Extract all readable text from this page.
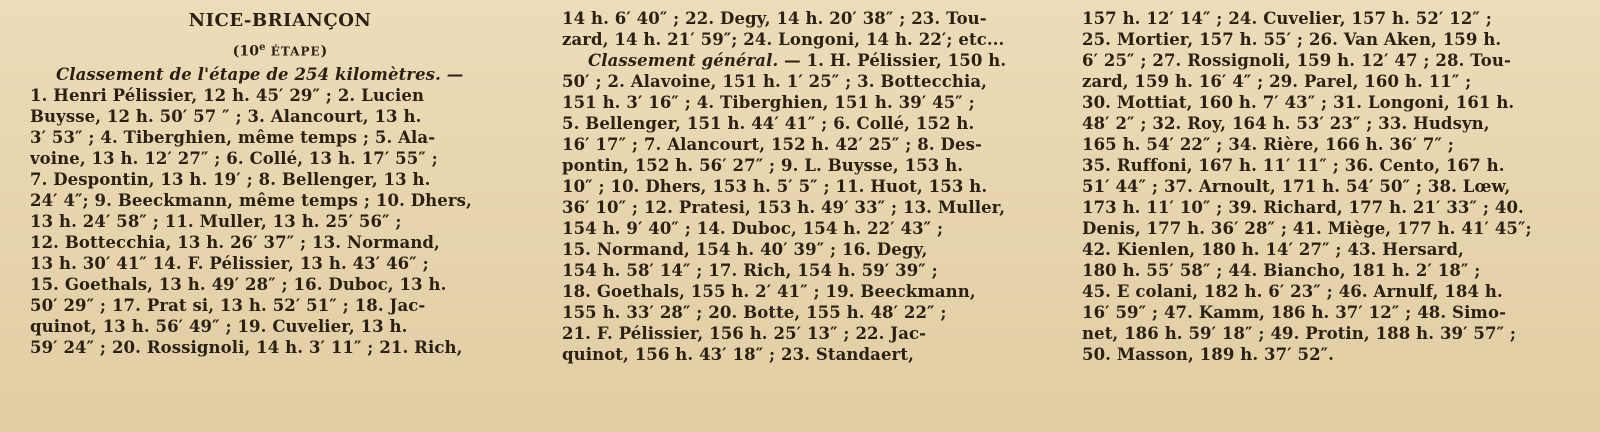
NICE-BRIANÇON
(10e ÉTAPE)
Classement de l'étape de 254 kilomètres. —
1. Henri Pélissier, 12 h. 45′ 29″ ; 2. Lucien
Buysse, 12 h. 50′ 57 ″ ; 3. Alancourt, 13 h.
3′ 53″ ; 4. Tiberghien, même temps ; 5. Ala-
voine, 13 h. 12′ 27″ ; 6. Collé, 13 h. 17′ 55″ ;
7. Despontin, 13 h. 19′ ; 8. Bellenger, 13 h.
24′ 4″; 9. Beeckmann, même temps ; 10. Dhers,
13 h. 24′ 58″ ; 11. Muller, 13 h. 25′ 56″ ;
12. Bottecchia, 13 h. 26′ 37″ ; 13. Normand,
13 h. 30′ 41″ 14. F. Pélissier, 13 h. 43′ 46″ ;
15. Goethals, 13 h. 49′ 28″ ; 16. Duboc, 13 h.
50′ 29″ ; 17. Prat si, 13 h. 52′ 51″ ; 18. Jac-
quinot, 13 h. 56′ 49″ ; 19. Cuvelier, 13 h.
59′ 24″ ; 20. Rossignoli, 14 h. 3′ 11″ ; 21. Rich,
14 h. 6′ 40″ ; 22. Degy, 14 h. 20′ 38″ ; 23. Tou-
zard, 14 h. 21′ 59″; 24. Longoni, 14 h. 22′; etc...
Classement général. — 1. H. Pélissier, 150 h.
50′ ; 2. Alavoine, 151 h. 1′ 25″ ; 3. Bottecchia,
151 h. 3′ 16″ ; 4. Tiberghien, 151 h. 39′ 45″ ;
5. Bellenger, 151 h. 44′ 41″ ; 6. Collé, 152 h.
16′ 17″ ; 7. Alancourt, 152 h. 42′ 25″ ; 8. Des-
pontin, 152 h. 56′ 27″ ; 9. L. Buysse, 153 h.
10″ ; 10. Dhers, 153 h. 5′ 5″ ; 11. Huot, 153 h.
36′ 10″ ; 12. Pratesi, 153 h. 49′ 33″ ; 13. Muller,
154 h. 9′ 40″ ; 14. Duboc, 154 h. 22′ 43″ ;
15. Normand, 154 h. 40′ 39″ ; 16. Degy,
154 h. 58′ 14″ ; 17. Rich, 154 h. 59′ 39″ ;
18. Goethals, 155 h. 2′ 41″ ; 19. Beeckmann,
155 h. 33′ 28″ ; 20. Botte, 155 h. 48′ 22″ ;
21. F. Pélissier, 156 h. 25′ 13″ ; 22. Jac-
quinot, 156 h. 43′ 18″ ; 23. Standaert,
157 h. 12′ 14″ ; 24. Cuvelier, 157 h. 52′ 12″ ;
25. Mortier, 157 h. 55′ ; 26. Van Aken, 159 h.
6′ 25″ ; 27. Rossignoli, 159 h. 12′ 47 ; 28. Tou-
zard, 159 h. 16′ 4″ ; 29. Parel, 160 h. 11″ ;
30. Mottiat, 160 h. 7′ 43″ ; 31. Longoni, 161 h.
48′ 2″ ; 32. Roy, 164 h. 53′ 23″ ; 33. Hudsyn,
165 h. 54′ 22″ ; 34. Rière, 166 h. 36′ 7″ ;
35. Ruffoni, 167 h. 11′ 11″ ; 36. Cento, 167 h.
51′ 44″ ; 37. Arnoult, 171 h. 54′ 50″ ; 38. Lœw,
173 h. 11′ 10″ ; 39. Richard, 177 h. 21′ 33″ ; 40.
Denis, 177 h. 36′ 28″ ; 41. Miège, 177 h. 41′ 45″;
42. Kienlen, 180 h. 14′ 27″ ; 43. Hersard,
180 h. 55′ 58″ ; 44. Biancho, 181 h. 2′ 18″ ;
45. E colani, 182 h. 6′ 23″ ; 46. Arnulf, 184 h.
16′ 59″ ; 47. Kamm, 186 h. 37′ 12″ ; 48. Simo-
net, 186 h. 59′ 18″ ; 49. Protin, 188 h. 39′ 57″ ;
50. Masson, 189 h. 37′ 52″.
